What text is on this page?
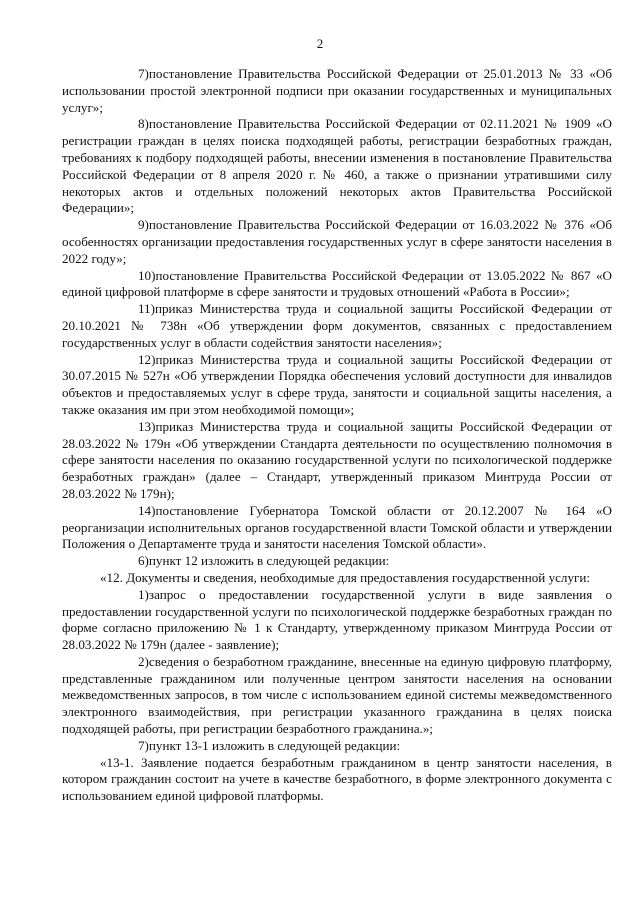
2

7)постановление Правительства Российской Федерации от 25.01.2013 № 33 «Об использовании простой электронной подписи при оказании государственных и муниципальных услуг»;

8)постановление Правительства Российской Федерации от 02.11.2021 № 1909 «О регистрации граждан в целях поиска подходящей работы, регистрации безработных граждан, требованиях к подбору подходящей работы, внесении изменения в постановление Правительства Российской Федерации от 8 апреля 2020 г. № 460, а также о признании утратившими силу некоторых актов и отдельных положений некоторых актов Правительства Российской Федерации»;

9)постановление Правительства Российской Федерации от 16.03.2022 № 376 «Об особенностях организации предоставления государственных услуг в сфере занятости населения в 2022 году»;

10)постановление Правительства Российской Федерации от 13.05.2022 № 867 «О единой цифровой платформе в сфере занятости и трудовых отношений «Работа в России»;

11)приказ Министерства труда и социальной защиты Российской Федерации от 20.10.2021 № 738н «Об утверждении форм документов, связанных с предоставлением государственных услуг в области содействия занятости населения»;

12)приказ Министерства труда и социальной защиты Российской Федерации от 30.07.2015 № 527н «Об утверждении Порядка обеспечения условий доступности для инвалидов объектов и предоставляемых услуг в сфере труда, занятости и социальной защиты населения, а также оказания им при этом необходимой помощи»;

13)приказ Министерства труда и социальной защиты Российской Федерации от 28.03.2022 № 179н «Об утверждении Стандарта деятельности по осуществлению полномочия в сфере занятости населения по оказанию государственной услуги по психологической поддержке безработных граждан» (далее – Стандарт, утвержденный приказом Минтруда России от 28.03.2022 № 179н);

14)постановление Губернатора Томской области от 20.12.2007 № 164 «О реорганизации исполнительных органов государственной власти Томской области и утверждении Положения о Департаменте труда и занятости населения Томской области».

6)пункт 12 изложить в следующей редакции:

«12. Документы и сведения, необходимые для предоставления государственной услуги:

1)запрос о предоставлении государственной услуги в виде заявления о предоставлении государственной услуги по психологической поддержке безработных граждан по форме согласно приложению № 1 к Стандарту, утвержденному приказом Минтруда России от 28.03.2022 № 179н (далее - заявление);

2)сведения о безработном гражданине, внесенные на единую цифровую платформу, представленные гражданином или полученные центром занятости населения на основании межведомственных запросов, в том числе с использованием единой системы межведомственного электронного взаимодействия, при регистрации указанного гражданина в целях поиска подходящей работы, при регистрации безработного гражданина.»;

7)пункт 13-1 изложить в следующей редакции:

«13-1. Заявление подается безработным гражданином в центр занятости населения, в котором гражданин состоит на учете в качестве безработного, в форме электронного документа с использованием единой цифровой платформы.
